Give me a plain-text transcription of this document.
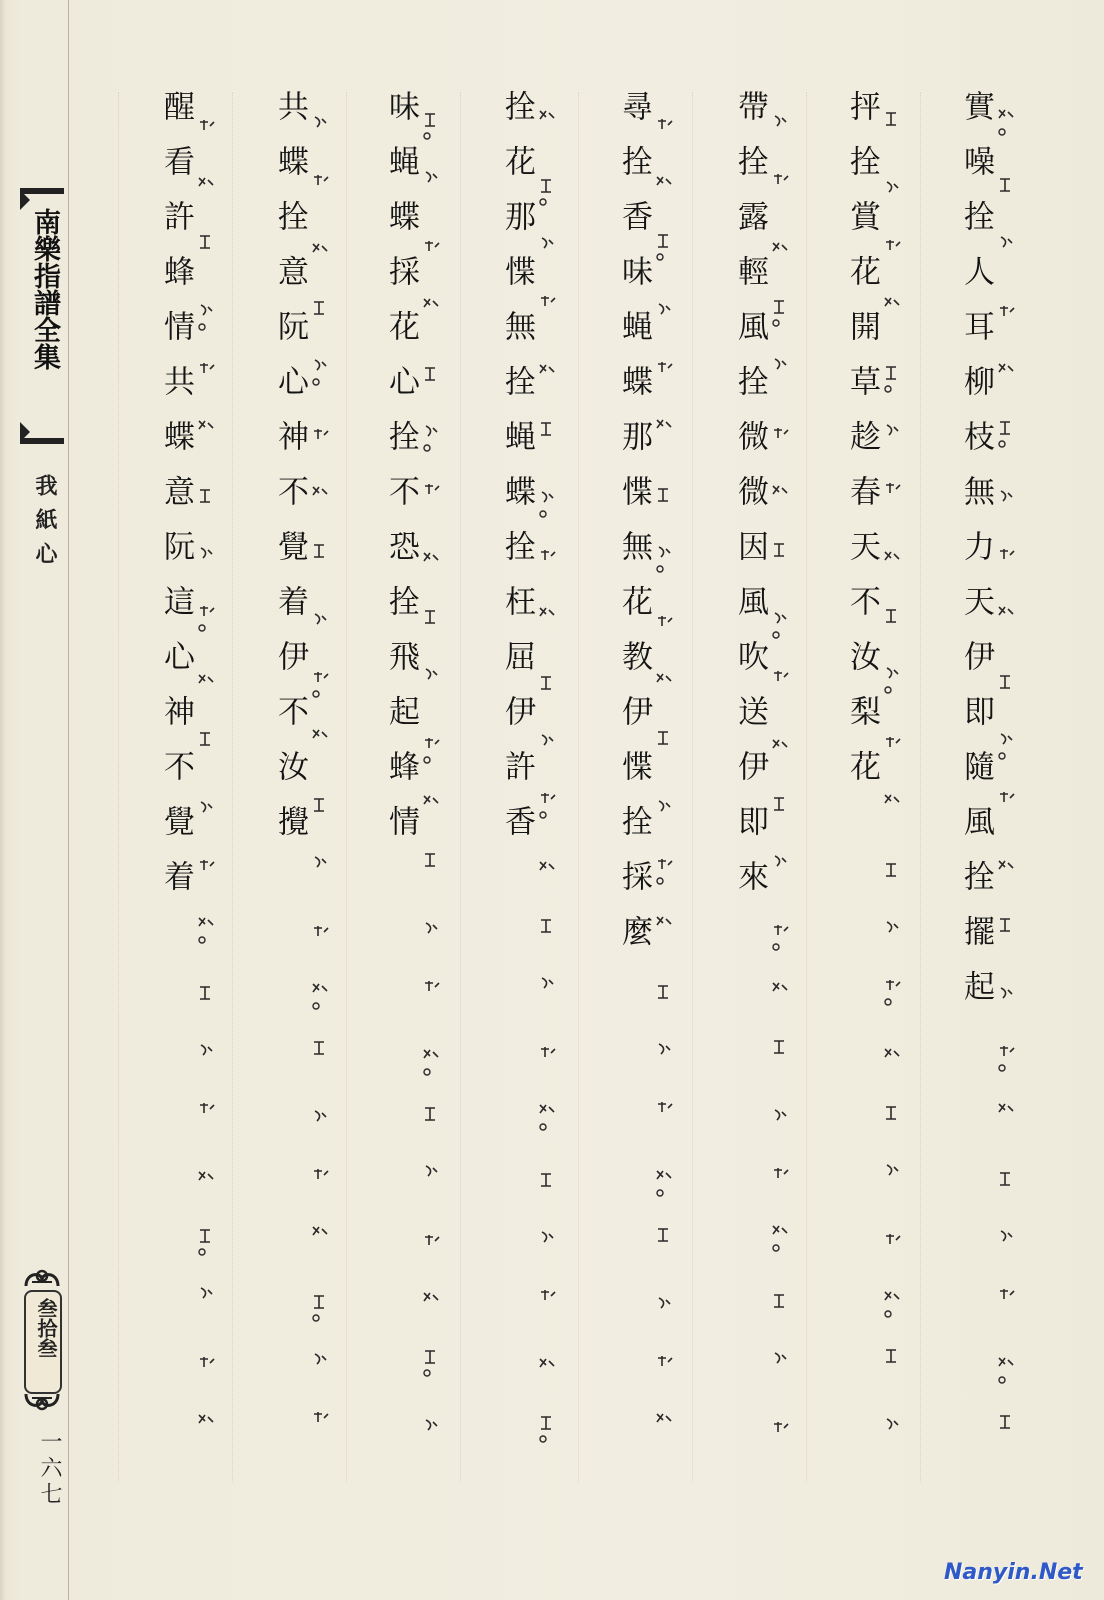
南樂指譜全集
我紙心
叁拾叁
一六七
實噪拴人耳柳枝無力天伊即隨風拴擺起
抨拴賞花開草趁春天不汝梨花
帶拴露輕風拴微微因風吹送伊即來
尋拴香味蝇蝶那惵無花教伊惵拴採麼
拴花那惵無拴蝇蝶拴枉屈伊許香
味蝇蝶採花心拴不恐拴飛起蜂情
共蝶拴意阮心神不覺着伊不汝攪
醒看許蜂情共蝶意阮這心神不覺着
Nanyin.Net
